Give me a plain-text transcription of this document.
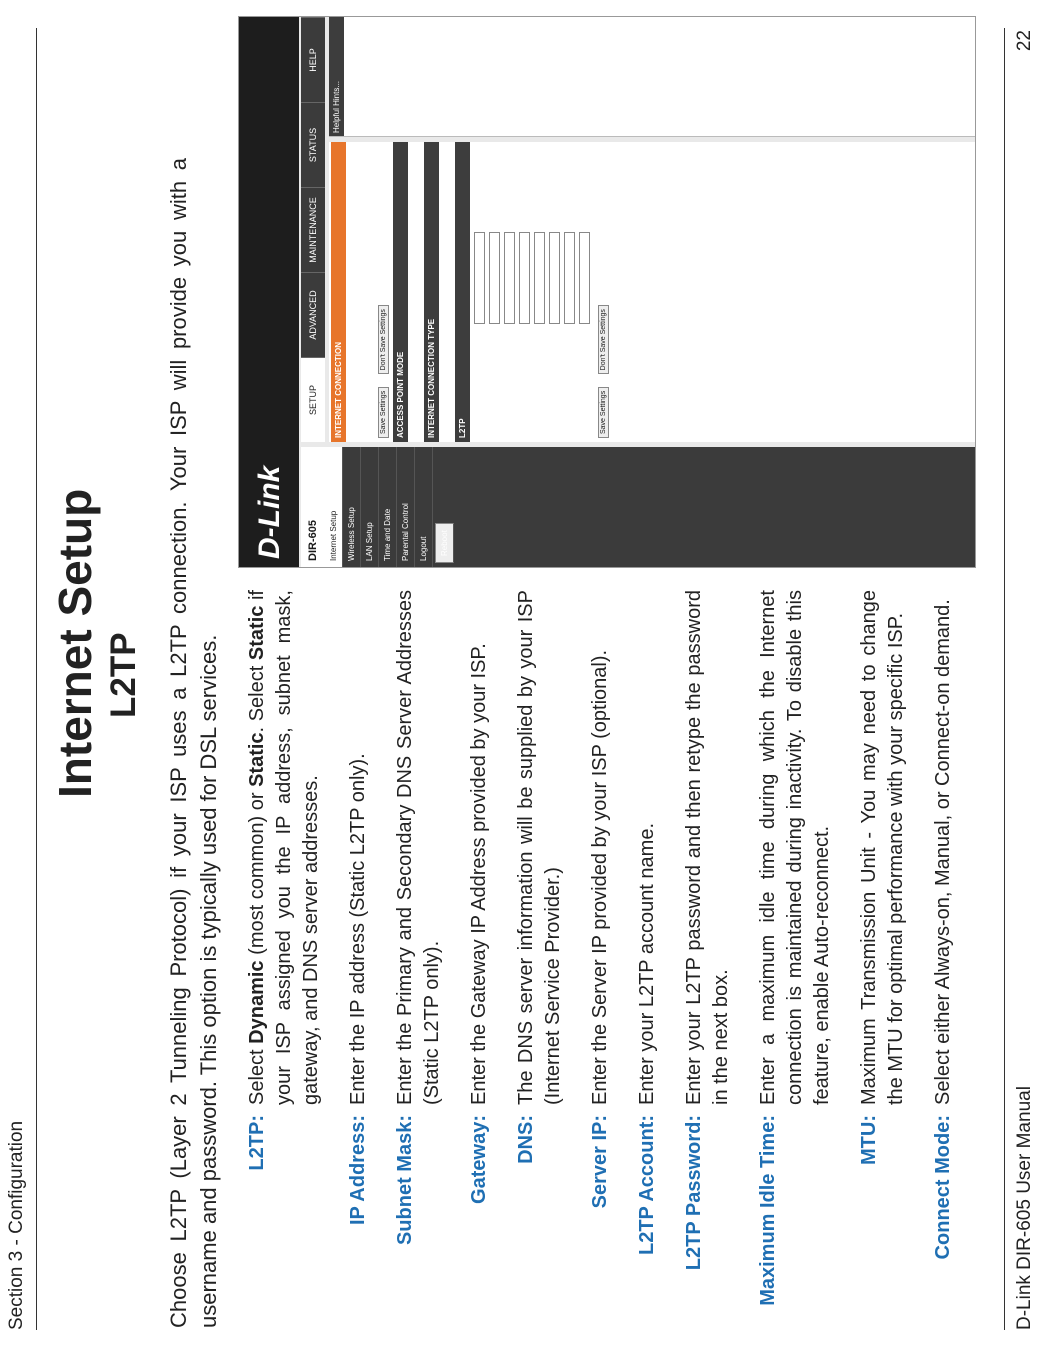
Section 3 - Configuration
Internet Setup L2TP Choose L2TP (Layer 2 Tunneling Protocol) if your ISP uses a L2TP connection. Your ISP will provide you with a username and password. This option is typically used for DSL services. L2TP:
Select Dynamic (most common) or Static. Select Static if your ISP assigned you the IP address, subnet mask, gateway, and DNS server addresses.
IP Address:
Enter the IP address (Static L2TP only).
Subnet Mask:
Enter the Primary and Secondary DNS Server Addresses (Static L2TP only).
Gateway:
Enter the Gateway IP Address provided by your ISP.
DNS:
The DNS server information will be supplied by your ISP (Internet Service Provider.)
Server IP:
Enter the Server IP provided by your ISP (optional).
L2TP Account:
Enter your L2TP account name.
L2TP Password:
Enter your L2TP password and then retype the password in the next box.
Maximum Idle Time:
Enter a maximum idle time during which the Internet connection is maintained during inactivity. To disable this feature, enable Auto-reconnect.
MTU:
Maximum Transmission Unit - You may need to change the MTU for optimal performance with your specific ISP.
Connect Mode:
Select either Always-on, Manual, or Connect-on demand.
D-Link	DIR-605
SETUP
ADVANCED
MAINTENANCE
STATUS
HELP
Internet Setup	Wireless Setup	LAN Setup	Time and Date	Parental Control	Logout	Reboot
INTERNET CONNECTION

	Save Settings Don't Save Settings
ACCESS POINT MODE
	INTERNET CONNECTION TYPE
	L2TP	Save Settings Don't Save Settings
Helpful Hints...

D-Link DIR-605 User Manual
22
